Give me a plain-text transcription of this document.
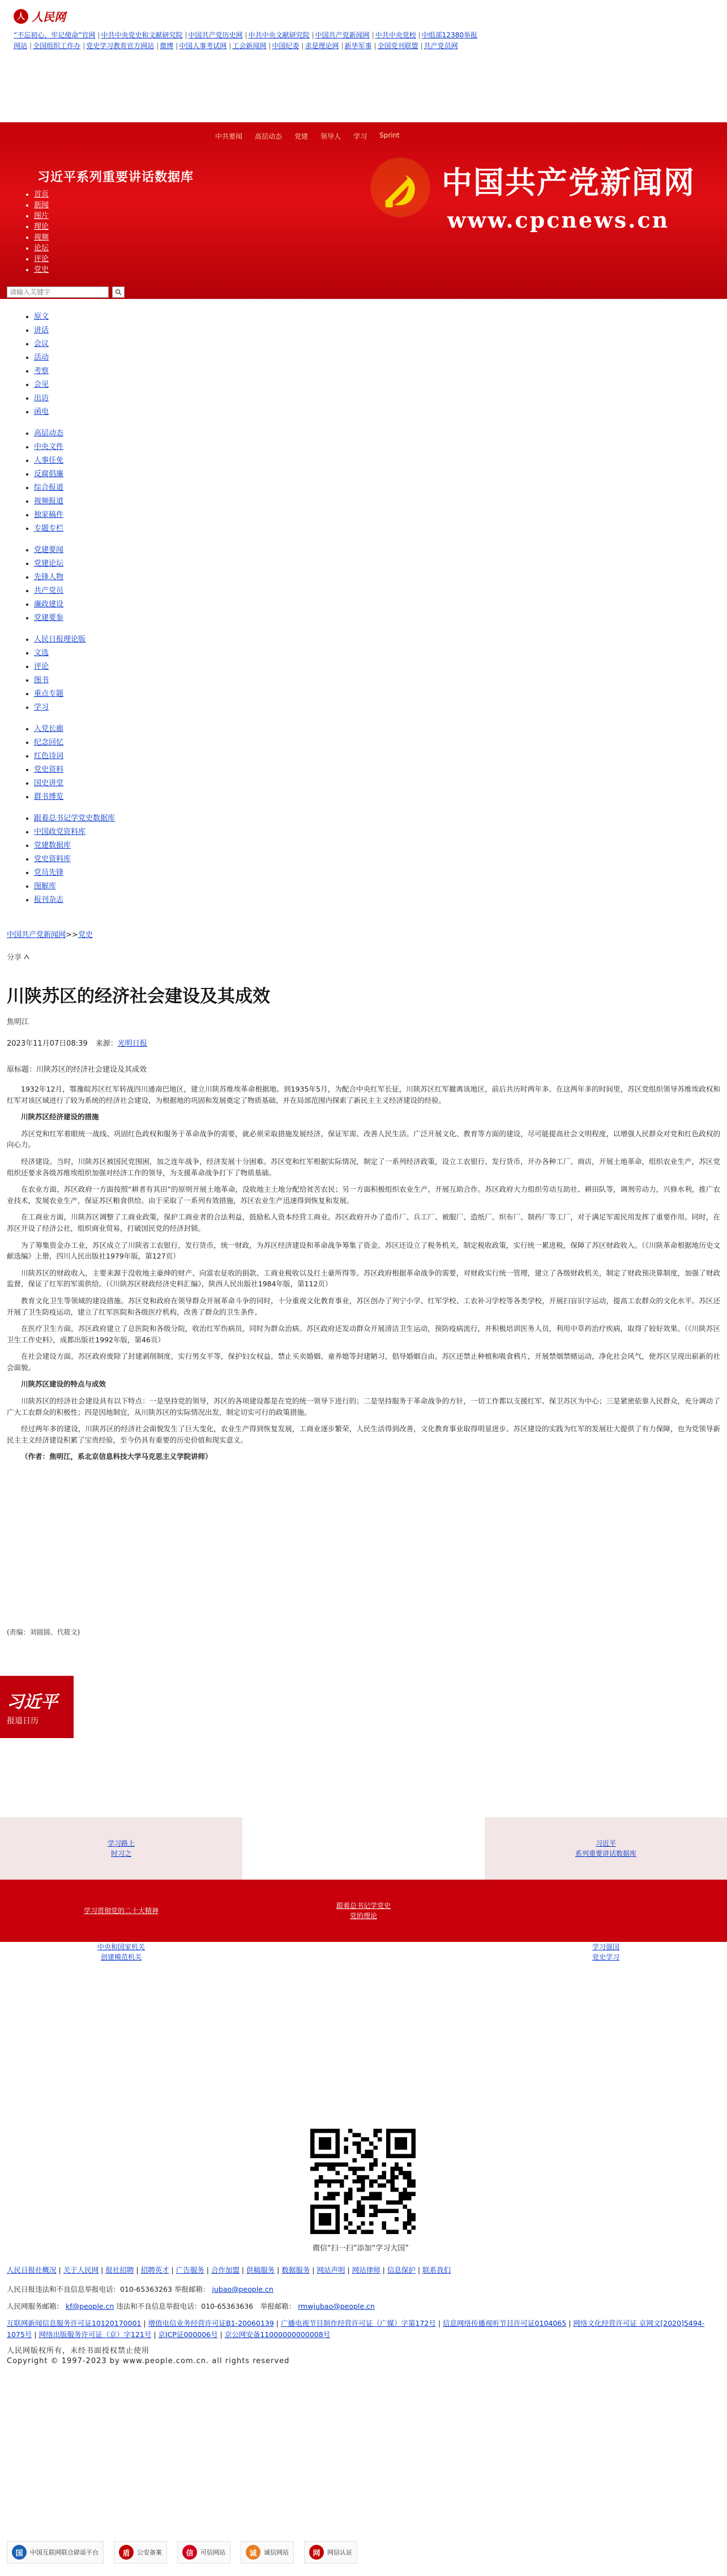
人 人民网
“不忘初心，牢记使命”官网 | 中共中央党史和文献研究院 | 中国共产党历史网 | 中共中央文献研究院 | 中国共产党新闻网 | 中共中央党校 | 中组部12380举报网站 | 全国组织工作办 | 党史学习教育官方网站 | 微博 | 中国人事考试网 | 工会新闻网 | 中国纪委 | 求是理论网 | 新华军事 | 全国党刊联盟 | 共产党员网
中共要闻 高层动态 党建 领导人 学习 Sprint
习近平系列重要讲话数据库
• 首页
• 新闻
• 图片
• 理论
• 视频
• 论坛
• 评论
• 党史
中国共产党新闻网
www.cpcnews.cn
请输入关键字
• 原文
• 讲话
• 会议
• 活动
• 考察
• 会见
• 出访
• 函电
• 高层动态
• 中央文件
• 人事任免
• 反腐倡廉
• 综合报道
• 视频报道
• 独家稿件
• 专题专栏
• 党建要闻
• 党建论坛
• 先锋人物
• 共产党员
• 廉政建设
• 党建要参
• 人民日报理论版
• 文选
• 评论
• 图书
• 重点专题
• 学习
• 入党长廊
• 纪念回忆
• 红色诗词
• 党史资料
• 国史讲堂
• 群书博览
• 跟着总书记学党史数据库
• 中国政党资料库
• 党建数据库
• 党史资料库
• 党员先锋
• 图解库
• 报刊杂志
中国共产党新闻网>>党史
分享
川陕苏区的经济社会建设及其成效
焦明江
2023年11月07日08:39 来源：光明日报
原标题：川陕苏区的经济社会建设及其成效

1932年12月，鄂豫皖苏区红军转战四川通南巴地区，建立川陕苏维埃革命根据地。到1935年5月，为配合中央红军长征，川陕苏区红军撤离该地区，前后共历时两年多。在这两年多的时间里，苏区党组织领导苏维埃政权和红军对该区域进行了较为系统的经济社会建设，为根据地的巩固和发展奠定了物质基础，并在局部范围内探索了新民主主义经济建设的经验。

川陕苏区经济建设的措施

苏区党和红军着眼统一战线、巩固红色政权和服务于革命战争的需要，就必须采取措施发展经济，保证军需、改善人民生活。广泛开展文化、教育等方面的建设，尽可能提高社会文明程度，以增强人民群众对党和红色政权的向心力。

经济建设。当时，川陕苏区被国民党围困，加之连年战争，经济发展十分困难。苏区党和红军根据实际情况，制定了一系列经济政策，设立工农银行、发行货币，开办各种工厂、商店，开展土地革命，组织农业生产，苏区党组织还要求各级苏维埃组织加强对经济工作的领导，为支援革命战争打下了物质基础。

在农业方面，苏区政府一方面按照“耕者有其田”的原则开展土地革命，没收地主土地分配给贫苦农民；另一方面积极组织农业生产，开展互助合作。苏区政府大力组织劳动互助社、耕田队等，调剂劳动力，兴修水利，推广农业技术，发展农业生产，保证苏区粮食供给。由于采取了一系列有效措施，苏区农业生产迅速得到恢复和发展。

在工商业方面，川陕苏区调整了工商业政策，保护工商业者的合法利益，鼓励私人资本经营工商业。苏区政府开办了造币厂、兵工厂、被服厂、造纸厂、织布厂、制药厂等工厂，对于满足军需民用发挥了重要作用。同时，在苏区开设了经济公社，组织商业贸易，打破国民党的经济封锁。

为了筹集资金办工业，苏区成立了川陕省工农银行，发行货币，统一财政，为苏区经济建设和革命战争筹集了资金。苏区还设立了税务机关，制定税收政策，实行统一累进税，保障了苏区财政收入。（《川陕革命根据地历史文献选编》上册，四川人民出版社1979年版，第127页）

川陕苏区的财政收入，主要来源于没收地主豪绅的财产、向富农征收的捐款、工商业税收以及打土豪所得等。苏区政府根据革命战争的需要，对财政实行统一管理，建立了各级财政机关，制定了财政预决算制度，加强了财政监督，保证了红军的军需供给。（《川陕苏区财政经济史料汇编》，陕西人民出版社1984年版，第112页）

教育文化卫生等领域的建设措施。苏区党和政府在领导群众开展革命斗争的同时，十分重视文化教育事业，苏区创办了列宁小学、红军学校、工农补习学校等各类学校，开展扫盲识字运动，提高工农群众的文化水平。苏区还开展了卫生防疫运动，建立了红军医院和各级医疗机构，改善了群众的卫生条件。

在医疗卫生方面，苏区政府建立了总医院和各级分院，收治红军伤病员，同时为群众治病。苏区政府还发动群众开展清洁卫生运动，预防疫病流行，并积极培训医务人员，利用中草药治疗疾病，取得了较好效果。（《川陕苏区卫生工作史料》，成都出版社1992年版，第46页）

在社会建设方面，苏区政府废除了封建剥削制度，实行男女平等，保护妇女权益，禁止买卖婚姻、童养媳等封建陋习，倡导婚姻自由。苏区还禁止种植和吸食鸦片，开展禁烟禁赌运动，净化社会风气，使苏区呈现出崭新的社会面貌。

川陕苏区建设的特点与成效

川陕苏区的经济社会建设具有以下特点：一是坚持党的领导，苏区的各项建设都是在党的统一领导下进行的；二是坚持服务于革命战争的方针，一切工作都以支援红军、保卫苏区为中心；三是紧密依靠人民群众，充分调动了广大工农群众的积极性；四是因地制宜，从川陕苏区的实际情况出发，制定切实可行的政策措施。

经过两年多的建设，川陕苏区的经济社会面貌发生了巨大变化，农业生产得到恢复发展，工商业逐步繁荣，人民生活得到改善，文化教育事业取得明显进步。苏区建设的实践为红军的发展壮大提供了有力保障，也为党领导新民主主义经济建设积累了宝贵经验，至今仍具有重要的历史价值和现实意义。

（作者：焦明江，系北京信息科技大学马克思主义学院讲师）

(责编：刘圆圆、代筱文)
习近平
报道日历
学习路上
时习之
习近平
系列重要讲话数据库
学习贯彻党的二十大精神
跟着总书记学党史
党的理论
中央和国家机关
创建模范机关
学习强国
党史学习
微信“扫一扫”添加“学习大国”
人民日报社概况 | 关于人民网 | 报社招聘 | 招聘英才 | 广告服务 | 合作加盟 | 供稿服务 | 数据服务 | 网站声明 | 网站律师 | 信息保护 | 联系我们
人民日报违法和不良信息举报电话：010-65363263 举报邮箱： jubao@people.cn
人民网服务邮箱： kf@people.cn 违法和不良信息举报电话：010-65363636　举报邮箱： rmwjubao@people.cn
互联网新闻信息服务许可证10120170001 | 增值电信业务经营许可证B1-20060139 | 广播电视节目制作经营许可证（广媒）字第172号 | 信息网络传播视听节目许可证0104065 | 网络文化经营许可证 京网文[2020]5494-1075号 | 网络出版服务许可证（京）字121号 | 京ICP证000006号 | 京公网安备11000000000008号
人民网版权所有，未经书面授权禁止使用
Copyright © 1997-2023 by www.people.com.cn. all rights reserved
国	中国互联网联合辟谣平台	盾	公安备案	信	可信网站	诚	诚信网站	网	网信认证
